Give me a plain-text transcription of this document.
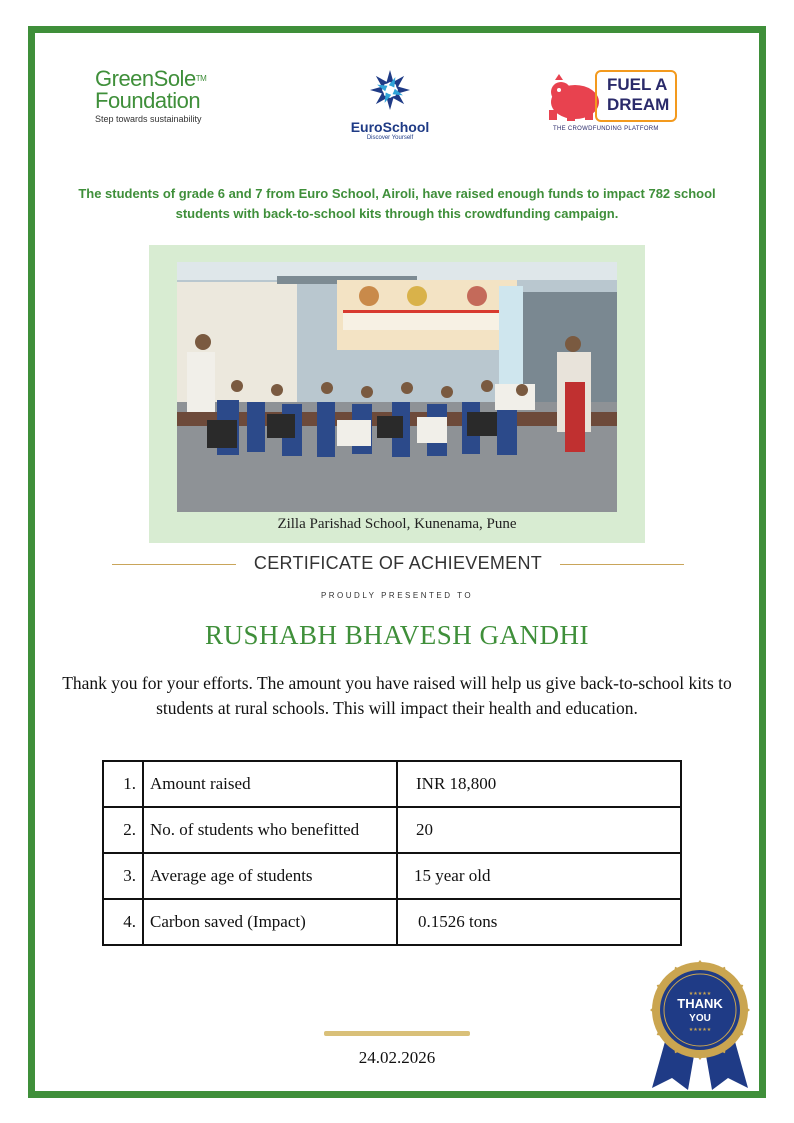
GreenSole™
Foundation
Step towards sustainability	EuroSchool
Discover Yourself
FUEL A
DREAM
THE CROWDFUNDING PLATFORM
The students of grade 6 and 7 from Euro School, Airoli, have raised enough funds to impact 782 school students with back-to-school kits through this crowdfunding campaign.
Zilla Parishad School, Kunenama, Pune
CERTIFICATE OF ACHIEVEMENT
PROUDLY PRESENTED TO
RUSHABH BHAVESH GANDHI
Thank you for your efforts. The amount you have raised will help us give back-to-school kits to students at rural schools. This will impact their health and education.
1.	Amount raised	INR 18,800
2.	No. of students who benefitted	20
3.	Average age of students	15 year old
4.	Carbon saved (Impact)	0.1526 tons
24.02.2026
★★★★★
THANK
YOU
★★★★★
